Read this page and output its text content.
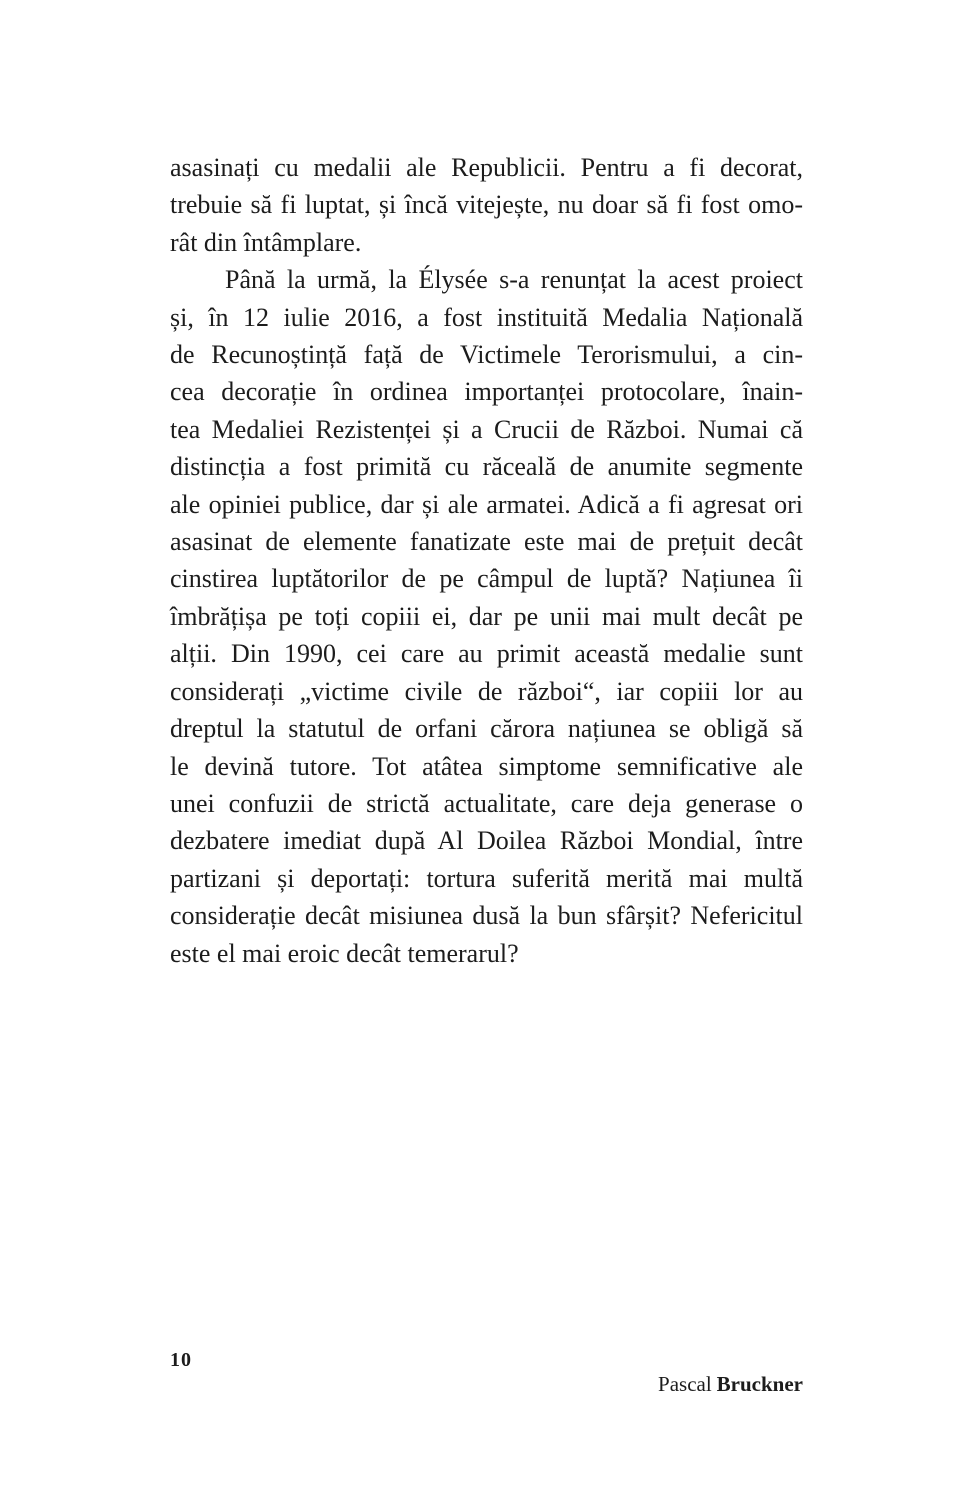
asasinați cu medalii ale Republicii. Pentru a fi decorat,
trebuie să fi luptat, și încă vitejește, nu doar să fi fost omo-
rât din întâmplare.
Până la urmă, la Élysée s-a renunțat la acest proiect
și, în 12 iulie 2016, a fost instituită Medalia Națională
de Recunoștință față de Victimele Terorismului, a cin-
cea decorație în ordinea importanței protocolare, înain-
tea Medaliei Rezistenței și a Crucii de Război. Numai că
distincția a fost primită cu răceală de anumite segmente
ale opiniei publice, dar și ale armatei. Adică a fi agresat ori
asasinat de elemente fanatizate este mai de prețuit decât
cinstirea luptătorilor de pe câmpul de luptă? Națiunea îi
îmbrățișa pe toți copiii ei, dar pe unii mai mult decât pe
alții. Din 1990, cei care au primit această medalie sunt
considerați „victime civile de război“, iar copiii lor au
dreptul la statutul de orfani cărora națiunea se obligă să
le devină tutore. Tot atâtea simptome semnificative ale
unei confuzii de strictă actualitate, care deja generase o
dezbatere imediat după Al Doilea Război Mondial, între
partizani și deportați: tortura suferită merită mai multă
considerație decât misiunea dusă la bun sfârșit? Nefericitul
este el mai eroic decât temerarul?
10
Pascal Bruckner
